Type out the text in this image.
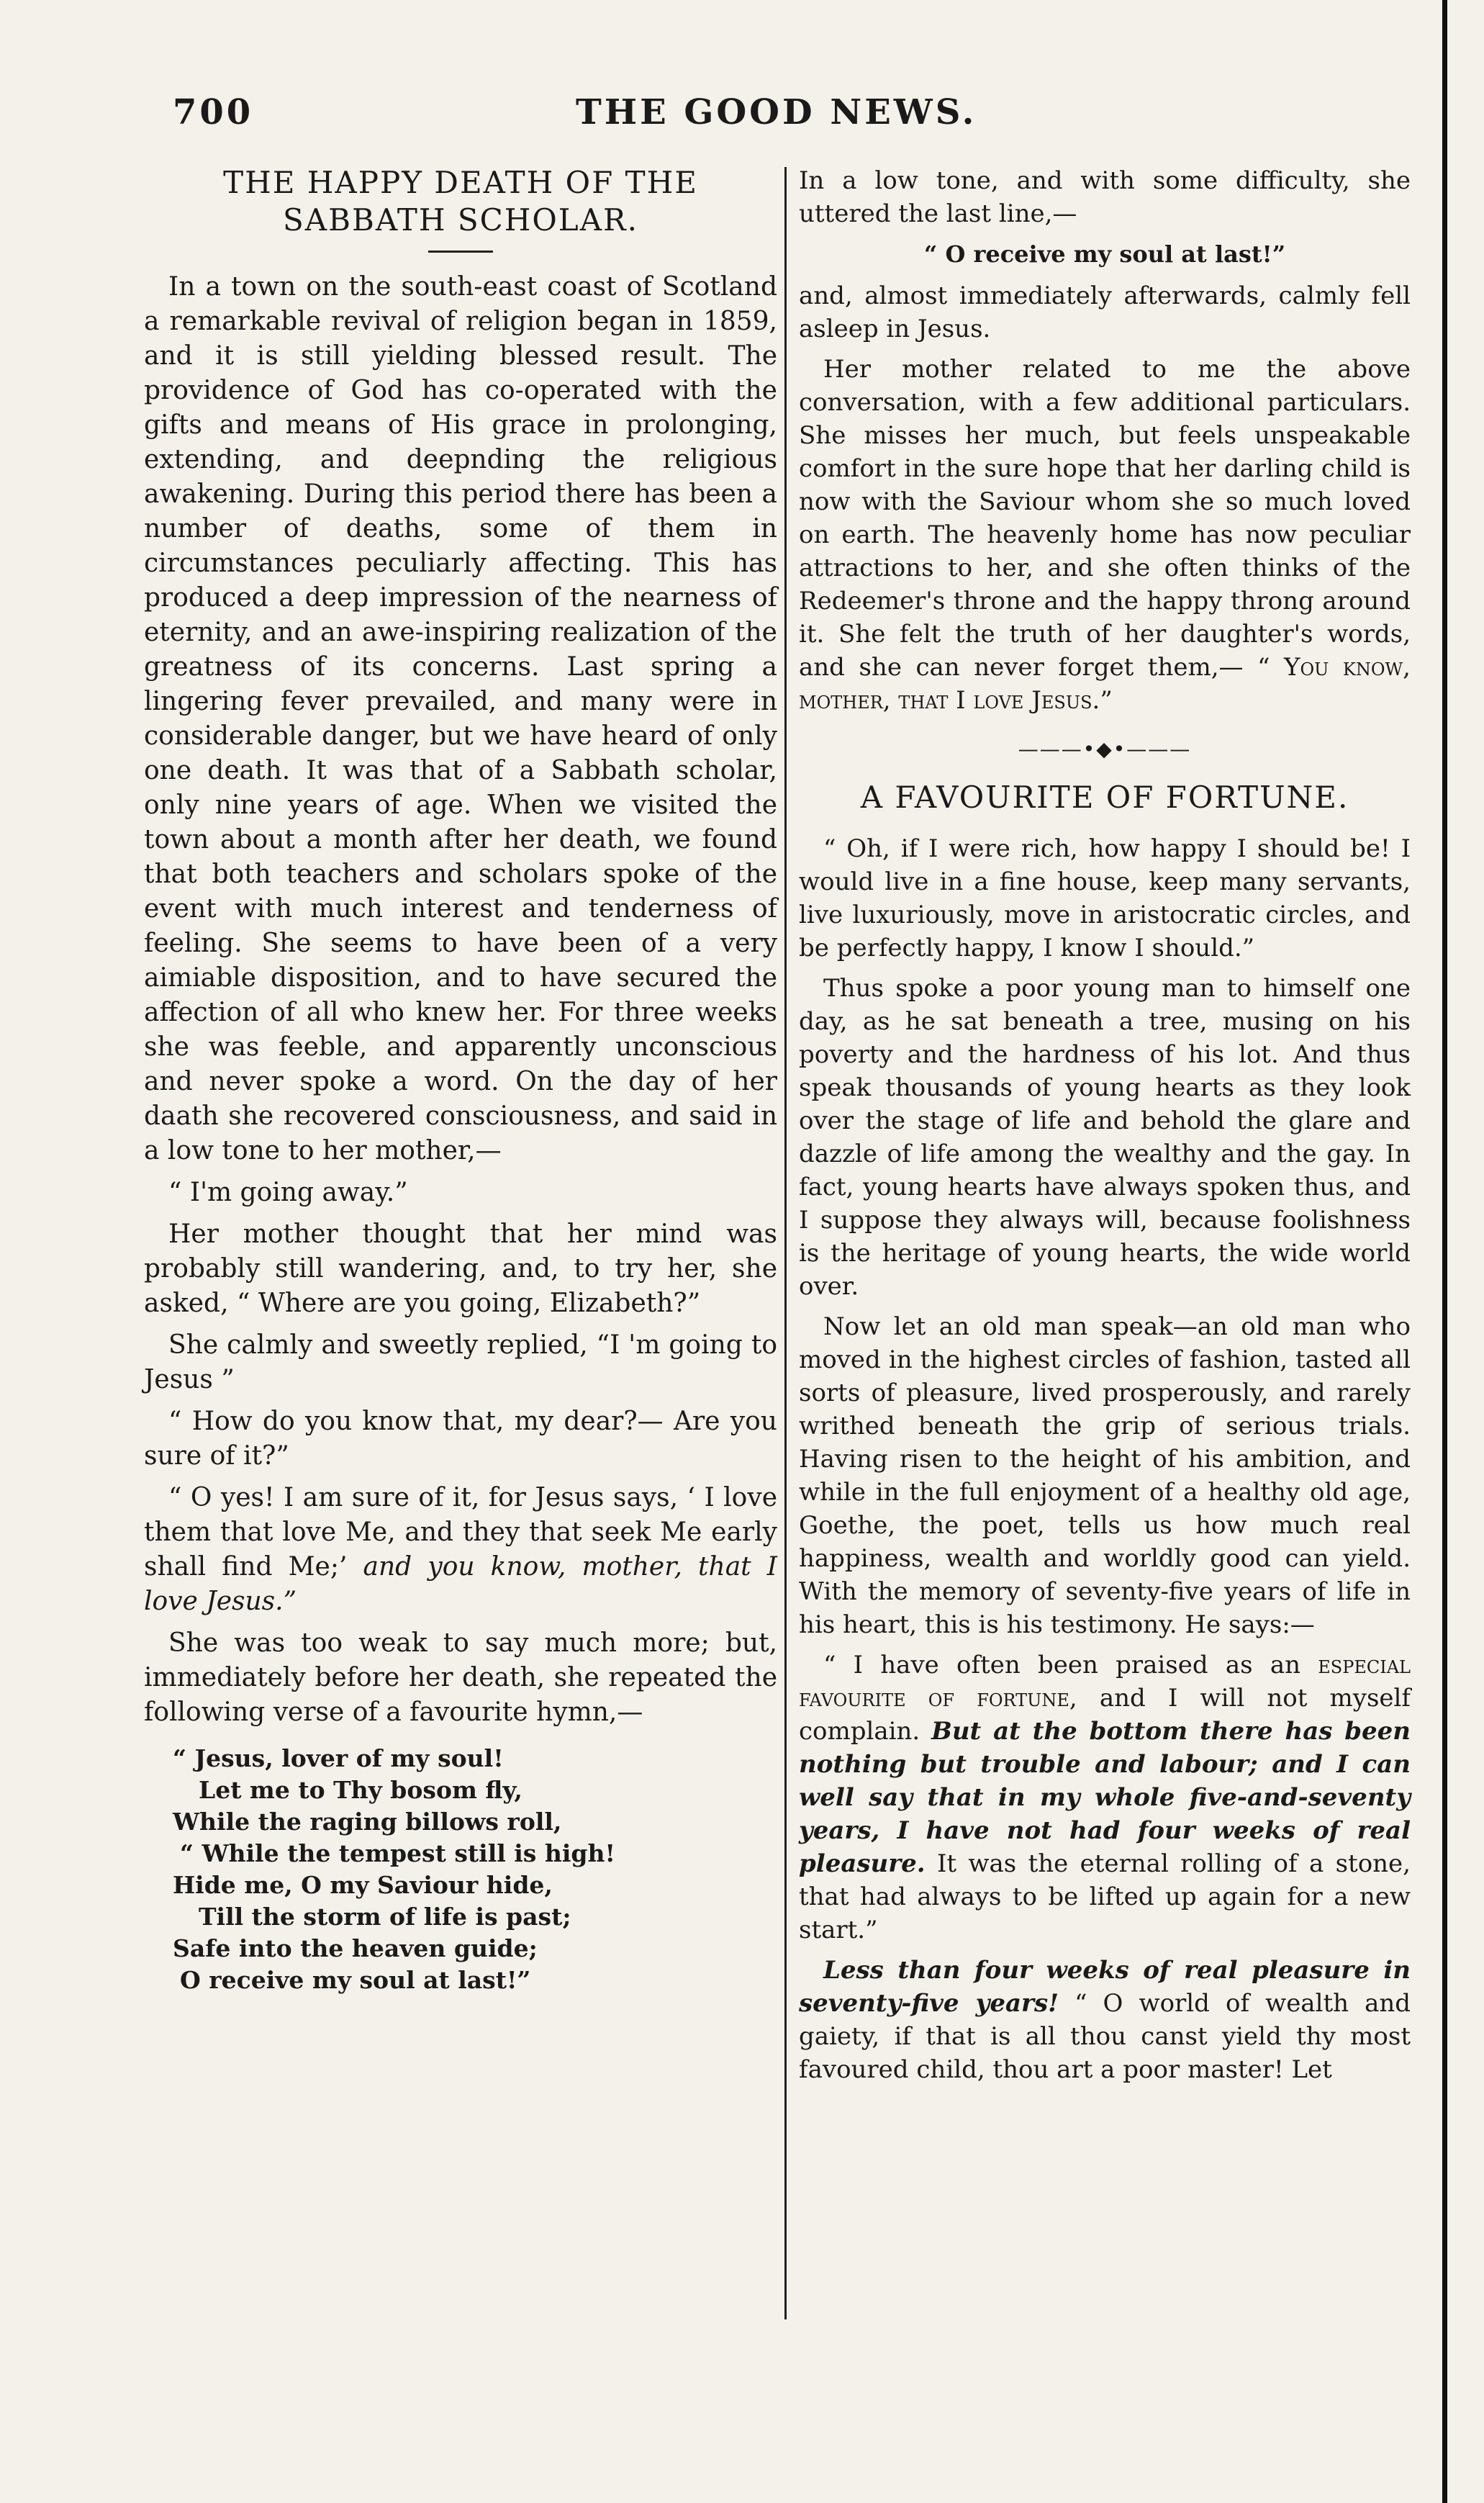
700	THE GOOD NEWS.
THE HAPPY DEATH OF THE SABBATH SCHOLAR.

In a town on the south-east coast of Scotland a remarkable revival of religion began in 1859, and it is still yielding blessed result. The providence of God has co-operated with the gifts and means of His grace in prolonging, extending, and deepnding the religious awakening. During this period there has been a number of deaths, some of them in circumstances peculiarly affecting. This has produced a deep impression of the nearness of eternity, and an awe-inspiring realization of the greatness of its concerns. Last spring a lingering fever prevailed, and many were in considerable danger, but we have heard of only one death. It was that of a Sabbath scholar, only nine years of age. When we visited the town about a month after her death, we found that both teachers and scholars spoke of the event with much interest and tenderness of feeling. She seems to have been of a very aimiable disposition, and to have secured the affection of all who knew her. For three weeks she was feeble, and apparently unconscious and never spoke a word. On the day of her daath she recovered consciousness, and said in a low tone to her mother,—

“ I'm going away.”

Her mother thought that her mind was probably still wandering, and, to try her, she asked, “ Where are you going, Elizabeth?”

She calmly and sweetly replied, “I 'm going to Jesus ”

“ How do you know that, my dear?— Are you sure of it?”

“ O yes! I am sure of it, for Jesus says, ‘ I love them that love Me, and they that seek Me early shall find Me;’ and you know, mother, that I love Jesus.”

She was too weak to say much more; but, immediately before her death, she repeated the following verse of a favourite hymn,—

“ Jesus, lover of my soul!
Let me to Thy bosom fly,
While the raging billows roll,
“ While the tempest still is high!
Hide me, O my Saviour hide,
Till the storm of life is past;
Safe into the heaven guide;
O receive my soul at last!”

In a low tone, and with some difficulty, she uttered the last line,—

“ O receive my soul at last!”

and, almost immediately afterwards, calmly fell asleep in Jesus.

Her mother related to me the above conversation, with a few additional particulars. She misses her much, but feels unspeakable comfort in the sure hope that her darling child is now with the Saviour whom she so much loved on earth. The heavenly home has now peculiar attractions to her, and she often thinks of the Redeemer's throne and the happy throng around it. She felt the truth of her daughter's words, and she can never forget them,— “ You know, mother, that I love Jesus.”

———•◆•———
A FAVOURITE OF FORTUNE.

“ Oh, if I were rich, how happy I should be! I would live in a fine house, keep many servants, live luxuriously, move in aristocratic circles, and be perfectly happy, I know I should.”

Thus spoke a poor young man to himself one day, as he sat beneath a tree, musing on his poverty and the hardness of his lot. And thus speak thousands of young hearts as they look over the stage of life and behold the glare and dazzle of life among the wealthy and the gay. In fact, young hearts have always spoken thus, and I suppose they always will, because foolishness is the heritage of young hearts, the wide world over.

Now let an old man speak—an old man who moved in the highest circles of fashion, tasted all sorts of pleasure, lived prosperously, and rarely writhed beneath the grip of serious trials. Having risen to the height of his ambition, and while in the full enjoyment of a healthy old age, Goethe, the poet, tells us how much real happiness, wealth and worldly good can yield. With the memory of seventy-five years of life in his heart, this is his testimony. He says:—

“ I have often been praised as an especial favourite of fortune, and I will not myself complain. But at the bottom there has been nothing but trouble and labour; and I can well say that in my whole five-and-seventy years, I have not had four weeks of real pleasure. It was the eternal rolling of a stone, that had always to be lifted up again for a new start.”

Less than four weeks of real pleasure in seventy-five years! “ O world of wealth and gaiety, if that is all thou canst yield thy most favoured child, thou art a poor master! Let
